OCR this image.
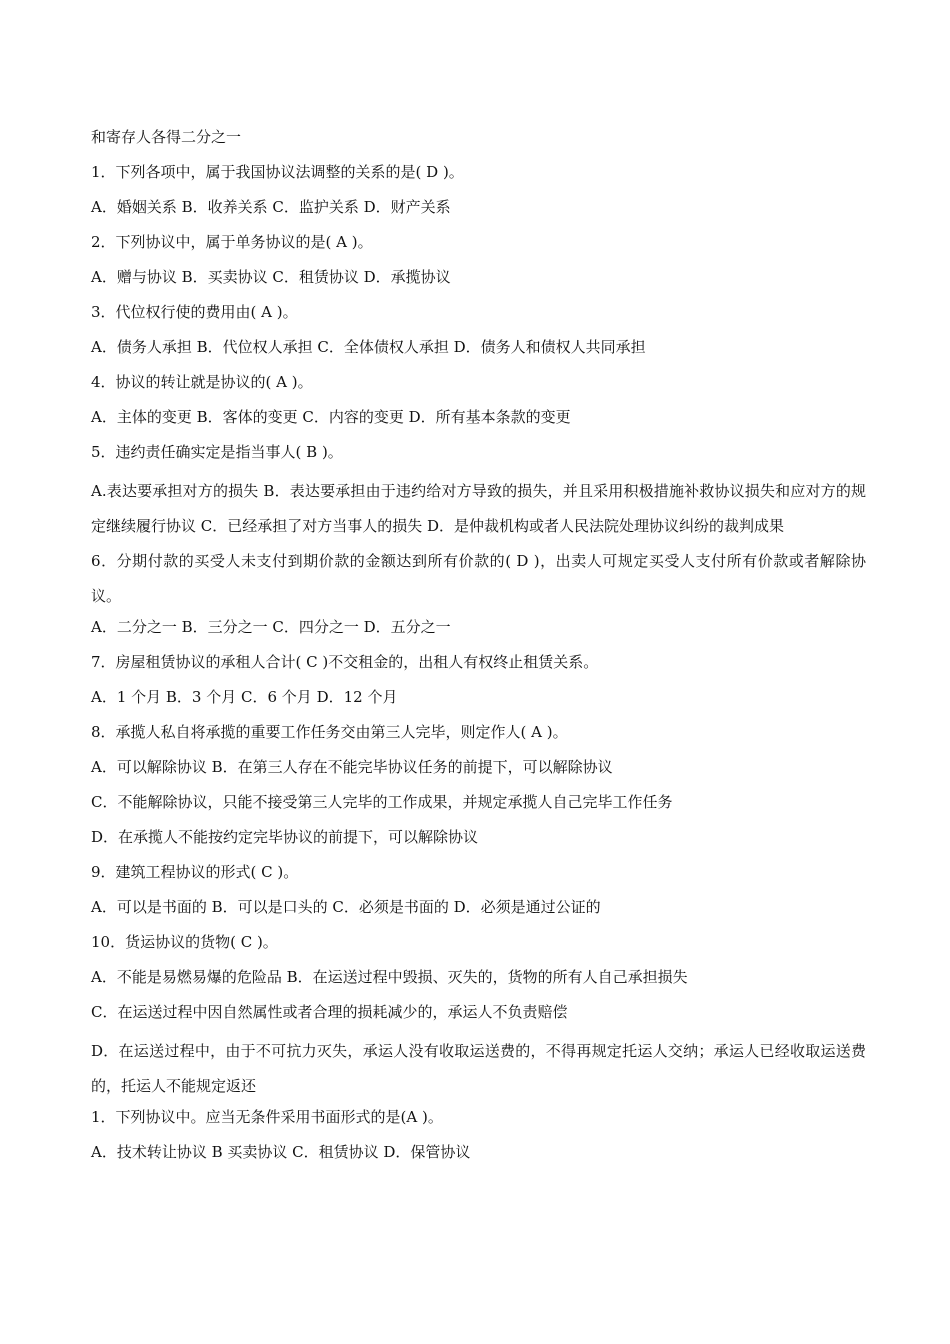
和寄存人各得二分之一
1．下列各项中，属于我国协议法调整的关系的是( D )。
A．婚姻关系 B．收养关系 C．监护关系 D．财产关系
2．下列协议中，属于单务协议的是( A )。
A．赠与协议 B．买卖协议 C．租赁协议 D．承揽协议
3．代位权行使的费用由( A )。
A．债务人承担 B．代位权人承担 C．全体债权人承担 D．债务人和债权人共同承担
4．协议的转让就是协议的( A )。
A．主体的变更 B．客体的变更 C．内容的变更 D．所有基本条款的变更
5．违约责任确实定是指当事人( B )。

A.表达要承担对方的损失 B．表达要承担由于违约给对方导致的损失，并且采用积极措施补救协议损失和应对方的规定继续履行协议 C．已经承担了对方当事人的损失 D．是仲裁机构或者人民法院处理协议纠纷的裁判成果

6．分期付款的买受人未支付到期价款的金额达到所有价款的( D )，出卖人可规定买受人支付所有价款或者解除协议。

A．二分之一 B．三分之一 C．四分之一 D．五分之一
7．房屋租赁协议的承租人合计( C )不交租金的，出租人有权终止租赁关系。
A．1 个月 B．3 个月 C．6 个月 D．12 个月
8．承揽人私自将承揽的重要工作任务交由第三人完毕，则定作人( A )。
A．可以解除协议 B．在第三人存在不能完毕协议任务的前提下，可以解除协议
C．不能解除协议，只能不接受第三人完毕的工作成果，并规定承揽人自己完毕工作任务
D．在承揽人不能按约定完毕协议的前提下，可以解除协议
9．建筑工程协议的形式( C )。
A．可以是书面的 B．可以是口头的 C．必须是书面的 D．必须是通过公证的
10．货运协议的货物( C )。
A．不能是易燃易爆的危险品 B．在运送过程中毁损、灭失的，货物的所有人自己承担损失
C．在运送过程中因自然属性或者合理的损耗减少的，承运人不负责赔偿

D．在运送过程中，由于不可抗力灭失，承运人没有收取运送费的，不得再规定托运人交纳；承运人已经收取运送费的，托运人不能规定返还

1．下列协议中。应当无条件采用书面形式的是(A )。
A．技术转让协议 B 买卖协议 C．租赁协议 D．保管协议
